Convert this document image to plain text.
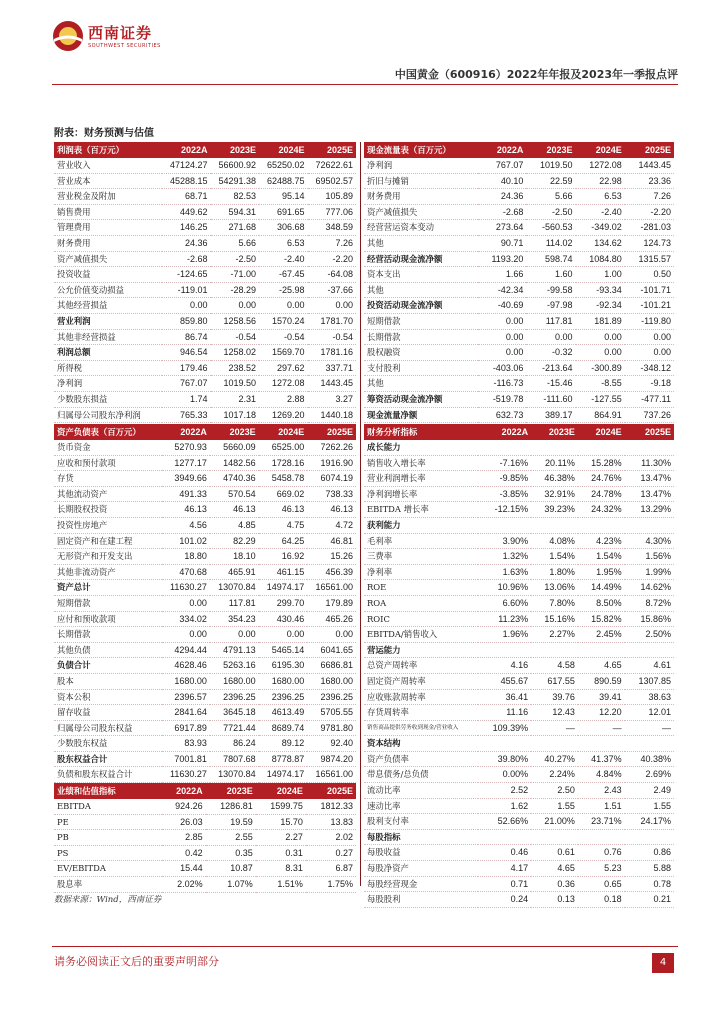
西南证券
SOUTHWEST SECURITIES
中国黄金（600916）2022年年报及2023年一季报点评
附表：财务预测与估值
利润表（百万元）	2022A	2023E	2024E	2025E
营业收入	47124.27	56600.92	65250.02	72622.61
营业成本	45288.15	54291.38	62488.75	69502.57
营业税金及附加	68.71	82.53	95.14	105.89
销售费用	449.62	594.31	691.65	777.06
管理费用	146.25	271.68	306.68	348.59
财务费用	24.36	5.66	6.53	7.26
资产减值损失	-2.68	-2.50	-2.40	-2.20
投资收益	-124.65	-71.00	-67.45	-64.08
公允价值变动损益	-119.01	-28.29	-25.98	-37.66
其他经营损益	0.00	0.00	0.00	0.00
营业利润	859.80	1258.56	1570.24	1781.70
其他非经营损益	86.74	-0.54	-0.54	-0.54
利润总额	946.54	1258.02	1569.70	1781.16
所得税	179.46	238.52	297.62	337.71
净利润	767.07	1019.50	1272.08	1443.45
少数股东损益	1.74	2.31	2.88	3.27
归属母公司股东净利润	765.33	1017.18	1269.20	1440.18
现金流量表（百万元）	2022A	2023E	2024E	2025E
净利润	767.07	1019.50	1272.08	1443.45
折旧与摊销	40.10	22.59	22.98	23.36
财务费用	24.36	5.66	6.53	7.26
资产减值损失	-2.68	-2.50	-2.40	-2.20
经营营运资本变动	273.64	-560.53	-349.02	-281.03
其他	90.71	114.02	134.62	124.73
经营活动现金流净额	1193.20	598.74	1084.80	1315.57
资本支出	1.66	1.60	1.00	0.50
其他	-42.34	-99.58	-93.34	-101.71
投资活动现金流净额	-40.69	-97.98	-92.34	-101.21
短期借款	0.00	117.81	181.89	-119.80
长期借款	0.00	0.00	0.00	0.00
股权融资	0.00	-0.32	0.00	0.00
支付股利	-403.06	-213.64	-300.89	-348.12
其他	-116.73	-15.46	-8.55	-9.18
筹资活动现金流净额	-519.78	-111.60	-127.55	-477.11
现金流量净额	632.73	389.17	864.91	737.26
资产负债表（百万元）	2022A	2023E	2024E	2025E
货币资金	5270.93	5660.09	6525.00	7262.26
应收和预付款项	1277.17	1482.56	1728.16	1916.90
存货	3949.66	4740.36	5458.78	6074.19
其他流动资产	491.33	570.54	669.02	738.33
长期股权投资	46.13	46.13	46.13	46.13
投资性房地产	4.56	4.85	4.75	4.72
固定资产和在建工程	101.02	82.29	64.25	46.81
无形资产和开发支出	18.80	18.10	16.92	15.26
其他非流动资产	470.68	465.91	461.15	456.39
资产总计	11630.27	13070.84	14974.17	16561.00
短期借款	0.00	117.81	299.70	179.89
应付和预收款项	334.02	354.23	430.46	465.26
长期借款	0.00	0.00	0.00	0.00
其他负债	4294.44	4791.13	5465.14	6041.65
负债合计	4628.46	5263.16	6195.30	6686.81
股本	1680.00	1680.00	1680.00	1680.00
资本公积	2396.57	2396.25	2396.25	2396.25
留存收益	2841.64	3645.18	4613.49	5705.55
归属母公司股东权益	6917.89	7721.44	8689.74	9781.80
少数股东权益	83.93	86.24	89.12	92.40
股东权益合计	7001.81	7807.68	8778.87	9874.20
负债和股东权益合计	11630.27	13070.84	14974.17	16561.00
财务分析指标	2022A	2023E	2024E	2025E
成长能力				
销售收入增长率	-7.16%	20.11%	15.28%	11.30%
营业利润增长率	-9.85%	46.38%	24.76%	13.47%
净利润增长率	-3.85%	32.91%	24.78%	13.47%
EBITDA 增长率	-12.15%	39.23%	24.32%	13.29%
获利能力				
毛利率	3.90%	4.08%	4.23%	4.30%
三费率	1.32%	1.54%	1.54%	1.56%
净利率	1.63%	1.80%	1.95%	1.99%
ROE	10.96%	13.06%	14.49%	14.62%
ROA	6.60%	7.80%	8.50%	8.72%
ROIC	11.23%	15.16%	15.82%	15.86%
EBITDA/销售收入	1.96%	2.27%	2.45%	2.50%
营运能力				
总资产周转率	4.16	4.58	4.65	4.61
固定资产周转率	455.67	617.55	890.59	1307.85
应收账款周转率	36.41	39.76	39.41	38.63
存货周转率	11.16	12.43	12.20	12.01
销售商品提供劳务收到现金/营业收入	109.39%	—	—	—
资本结构				
资产负债率	39.80%	40.27%	41.37%	40.38%
带息债务/总负债	0.00%	2.24%	4.84%	2.69%
流动比率	2.52	2.50	2.43	2.49
速动比率	1.62	1.55	1.51	1.55
股利支付率	52.66%	21.00%	23.71%	24.17%
每股指标				
每股收益	0.46	0.61	0.76	0.86
每股净资产	4.17	4.65	5.23	5.88
每股经营现金	0.71	0.36	0.65	0.78
每股股利	0.24	0.13	0.18	0.21
业绩和估值指标	2022A	2023E	2024E	2025E
EBITDA	924.26	1286.81	1599.75	1812.33
PE	26.03	19.59	15.70	13.83
PB	2.85	2.55	2.27	2.02
PS	0.42	0.35	0.31	0.27
EV/EBITDA	15.44	10.87	8.31	6.87
股息率	2.02%	1.07%	1.51%	1.75%
数据来源：Wind，西南证券
请务必阅读正文后的重要声明部分	4
